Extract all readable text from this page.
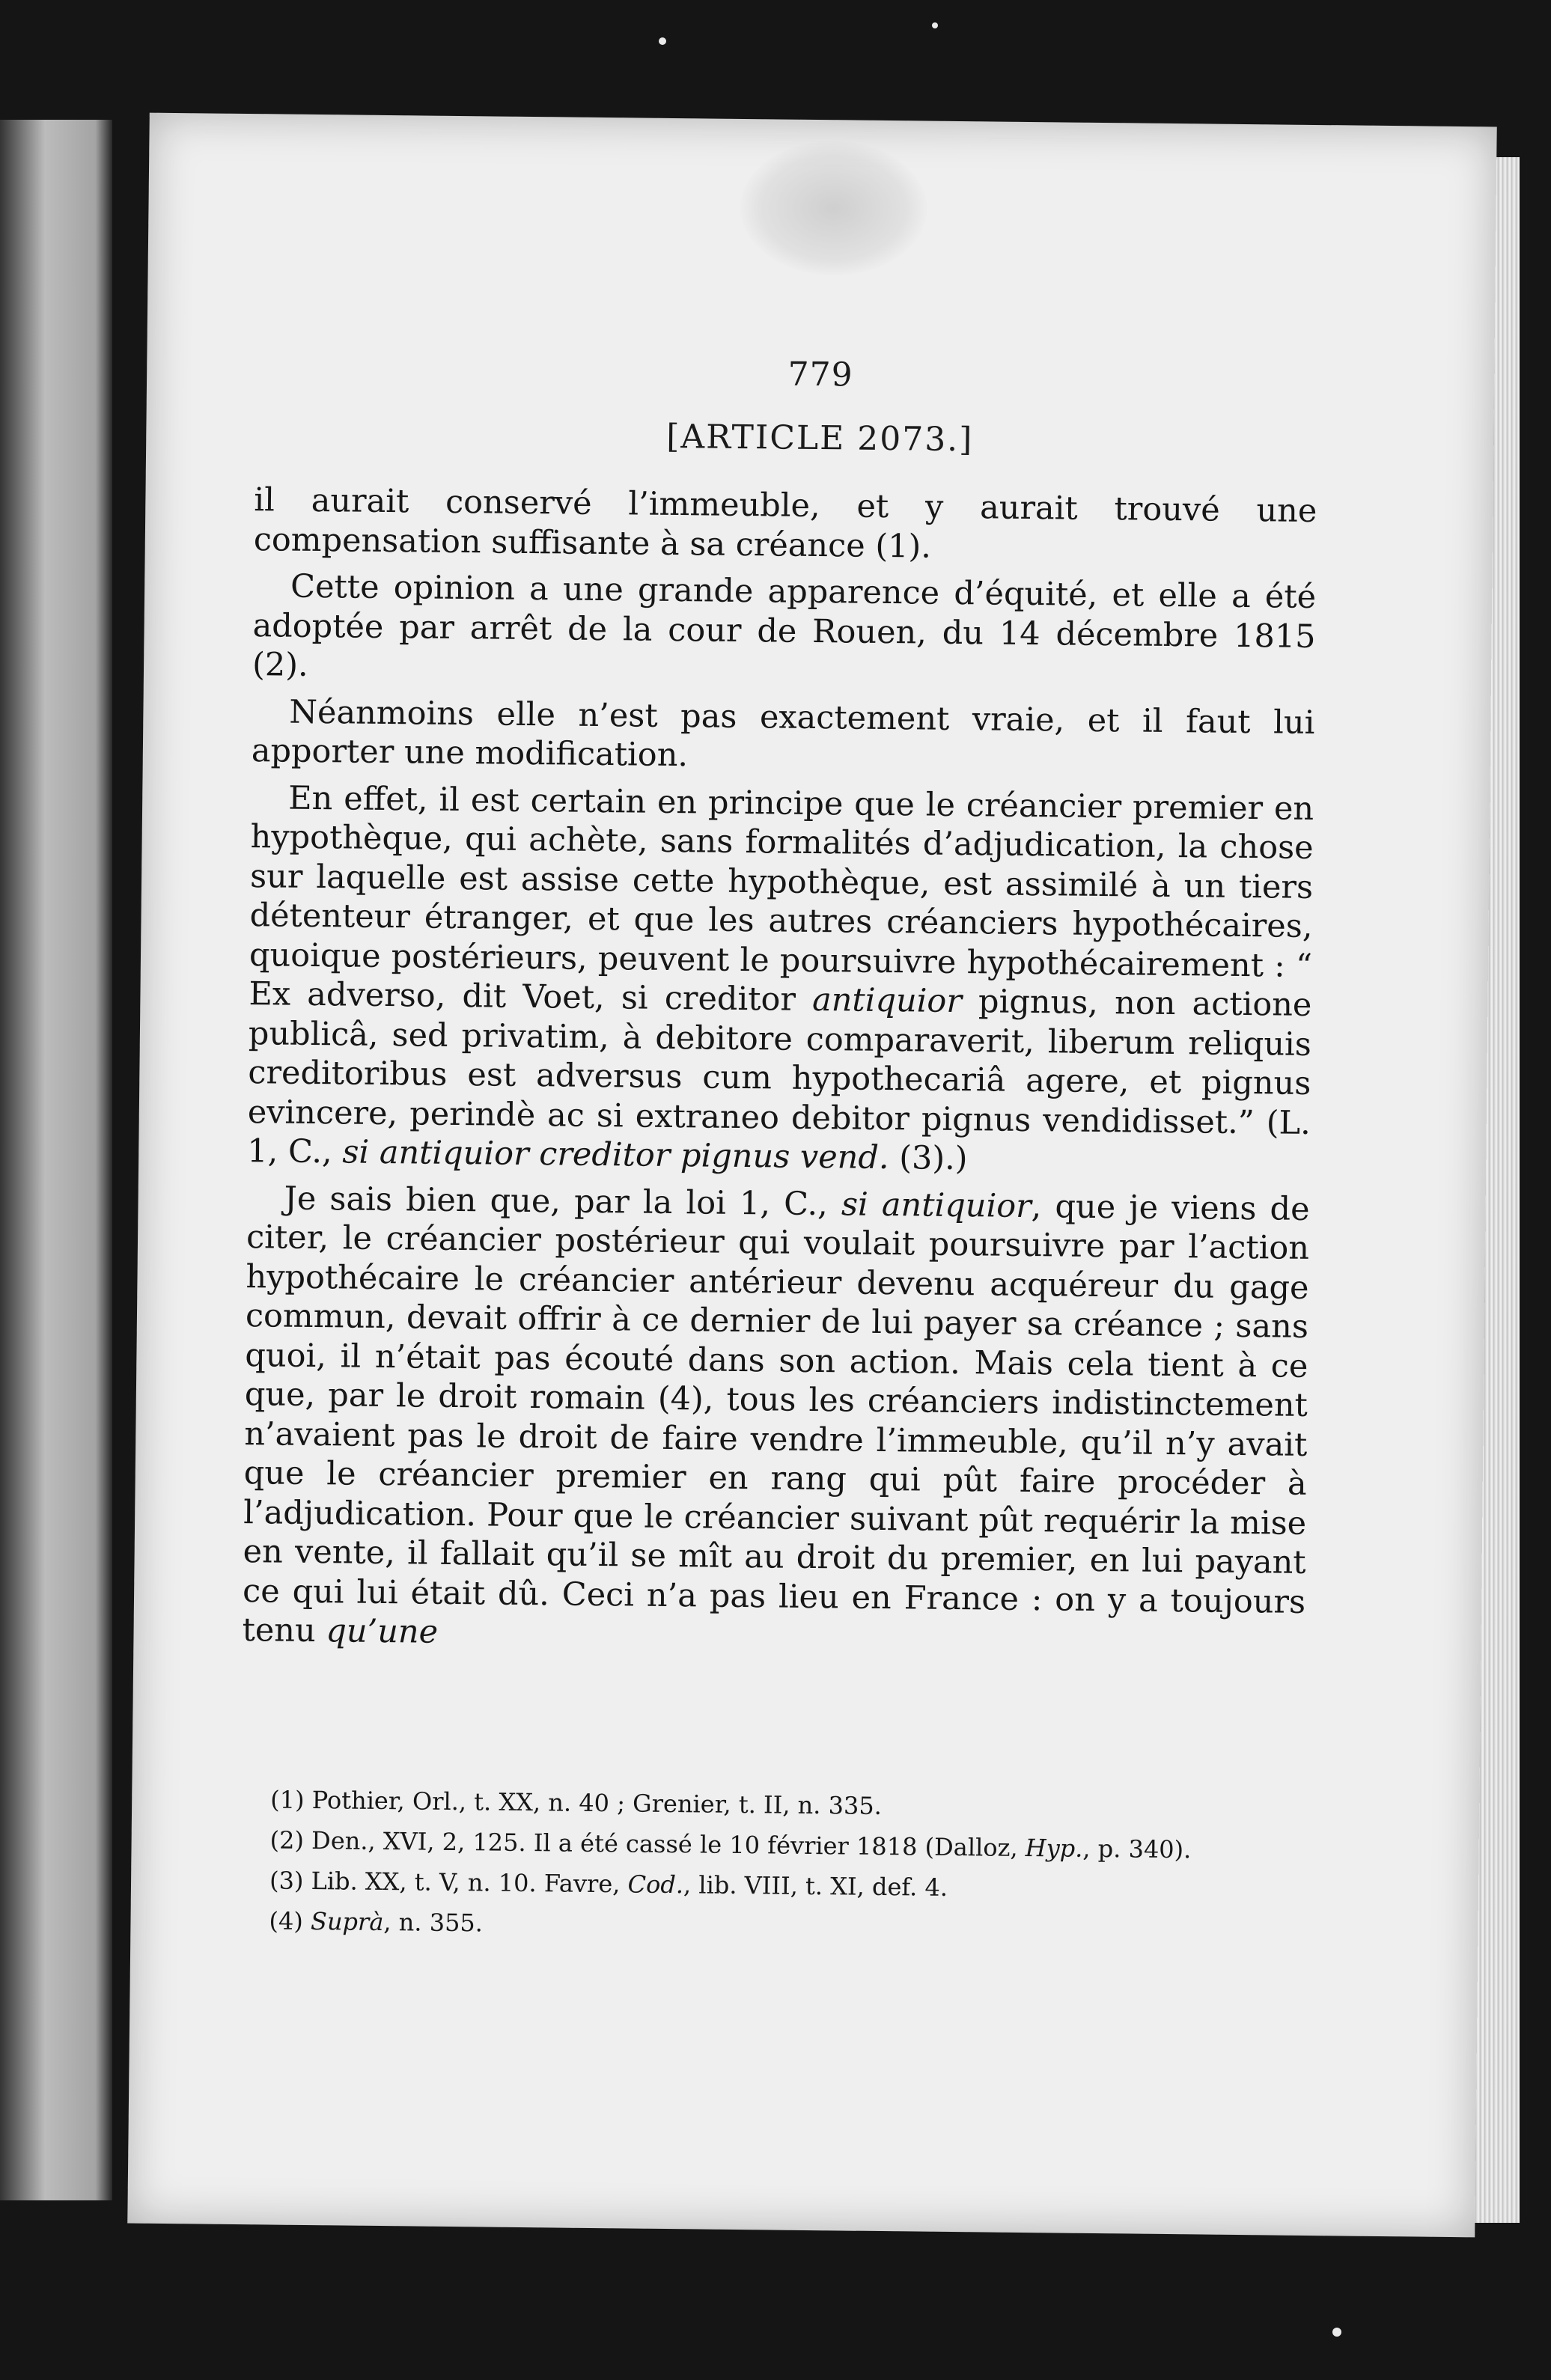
779
[ARTICLE 2073.]

il aurait conservé l’immeuble, et y aurait trouvé une compensation suffisante à sa créance (1).

Cette opinion a une grande apparence d’équité, et elle a été adoptée par arrêt de la cour de Rouen, du 14 décembre 1815 (2).

Néanmoins elle n’est pas exactement vraie, et il faut lui apporter une modification.

En effet, il est certain en principe que le créancier premier en hypothèque, qui achète, sans formalités d’adjudication, la chose sur laquelle est assise cette hypothèque, est assimilé à un tiers détenteur étranger, et que les autres créanciers hypothécaires, quoique postérieurs, peuvent le poursuivre hypothécairement : “ Ex adverso, dit Voet, si creditor antiquior pignus, non actione publicâ, sed privatim, à debitore comparaverit, liberum reliquis creditoribus est adversus cum hypothecariâ agere, et pignus evincere, perindè ac si extraneo debitor pignus vendidisset.” (L. 1, C., si antiquior creditor pignus vend. (3).)

Je sais bien que, par la loi 1, C., si antiquior, que je viens de citer, le créancier postérieur qui voulait poursuivre par l’action hypothécaire le créancier antérieur devenu acquéreur du gage commun, devait offrir à ce dernier de lui payer sa créance ; sans quoi, il n’était pas écouté dans son action. Mais cela tient à ce que, par le droit romain (4), tous les créanciers indistinctement n’avaient pas le droit de faire vendre l’immeuble, qu’il n’y avait que le créancier premier en rang qui pût faire procéder à l’adjudication. Pour que le créancier suivant pût requérir la mise en vente, il fallait qu’il se mît au droit du premier, en lui payant ce qui lui était dû. Ceci n’a pas lieu en France : on y a toujours tenu qu’une

(1) Pothier, Orl., t. XX, n. 40 ; Grenier, t. II, n. 335.

(2) Den., XVI, 2, 125. Il a été cassé le 10 février 1818 (Dalloz, Hyp., p. 340).

(3) Lib. XX, t. V, n. 10. Favre, Cod., lib. VIII, t. XI, def. 4.

(4) Suprà, n. 355.
